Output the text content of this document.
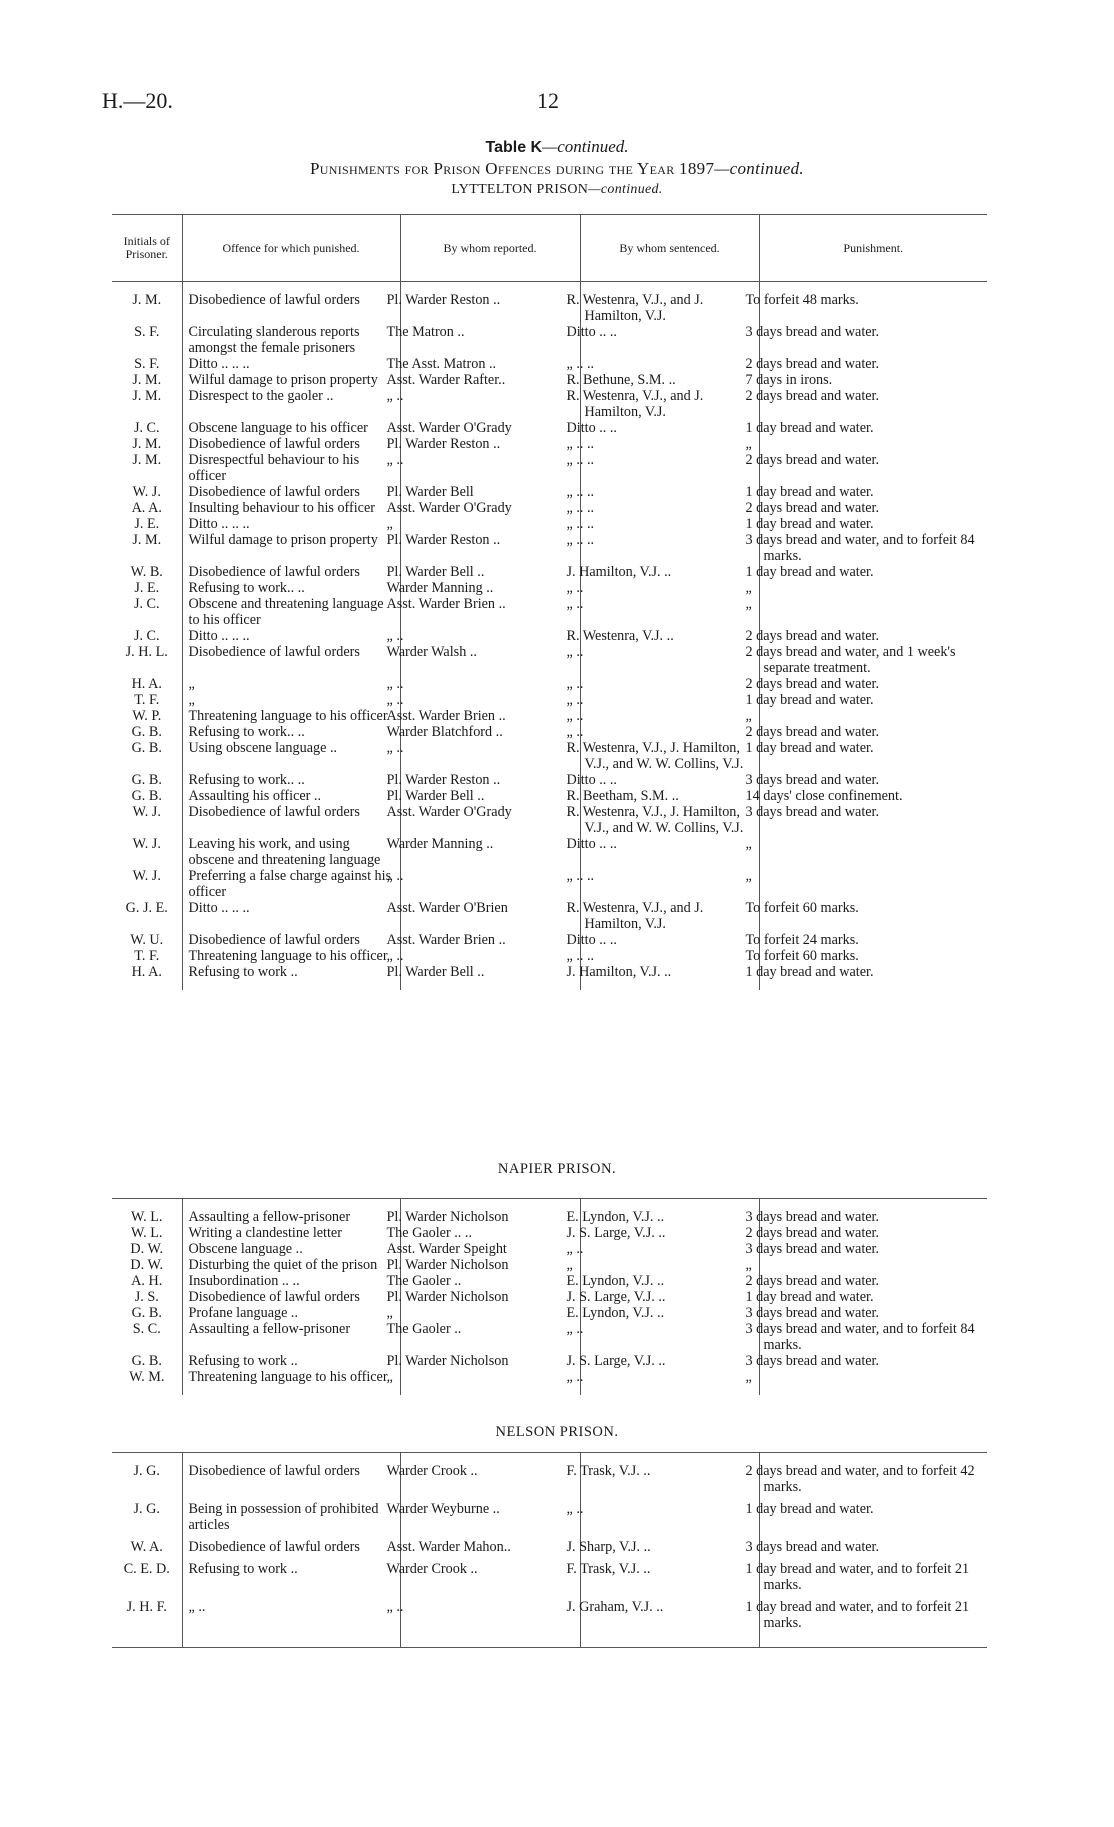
H.—20.	12
Table K—continued.
Punishments for Prison Offences during the Year 1897—continued.
LYTTELTON PRISON—continued.
Initials of Prisoner.	Offence for which punished.	By whom reported.	By whom sentenced.	Punishment.

J. M.	Disobedience of lawful orders	Pl. Warder Reston ..	R. Westenra, V.J., and J. Hamilton, V.J.	To forfeit 48 marks.
S. F.	Circulating slanderous reports amongst the female prisoners	The Matron ..	Ditto .. ..	3 days bread and water.
S. F.	Ditto .. .. ..	The Asst. Matron ..	„ .. ..	2 days bread and water.
J. M.	Wilful damage to prison property	Asst. Warder Rafter..	R. Bethune, S.M. ..	7 days in irons.
J. M.	Disrespect to the gaoler ..	„ ..	R. Westenra, V.J., and J. Hamilton, V.J.	2 days bread and water.
J. C.	Obscene language to his officer	Asst. Warder O'Grady	Ditto .. ..	1 day bread and water.
J. M.	Disobedience of lawful orders	Pl. Warder Reston ..	„ .. ..	„
J. M.	Disrespectful behaviour to his officer	„ ..	„ .. ..	2 days bread and water.
W. J.	Disobedience of lawful orders	Pl. Warder Bell	„ .. ..	1 day bread and water.
A. A.	Insulting behaviour to his officer	Asst. Warder O'Grady	„ .. ..	2 days bread and water.
J. E.	Ditto .. .. ..	„	„ .. ..	1 day bread and water.
J. M.	Wilful damage to prison property	Pl. Warder Reston ..	„ .. ..	3 days bread and water, and to forfeit 84 marks.
W. B.	Disobedience of lawful orders	Pl. Warder Bell ..	J. Hamilton, V.J. ..	1 day bread and water.
J. E.	Refusing to work.. ..	Warder Manning ..	„ ..	„
J. C.	Obscene and threatening language to his officer	Asst. Warder Brien ..	„ ..	„
J. C.	Ditto .. .. ..	„ ..	R. Westenra, V.J. ..	2 days bread and water.
J. H. L.	Disobedience of lawful orders	Warder Walsh ..	„ ..	2 days bread and water, and 1 week's separate treatment.
H. A.	„	„ ..	„ ..	2 days bread and water.
T. F.	„	„ ..	„ ..	1 day bread and water.
W. P.	Threatening language to his officer	Asst. Warder Brien ..	„ ..	„
G. B.	Refusing to work.. ..	Warder Blatchford ..	„ ..	2 days bread and water.
G. B.	Using obscene language ..	„ ..	R. Westenra, V.J., J. Hamilton, V.J., and W. W. Collins, V.J.	1 day bread and water.
G. B.	Refusing to work.. ..	Pl. Warder Reston ..	Ditto .. ..	3 days bread and water.
G. B.	Assaulting his officer ..	Pl. Warder Bell ..	R. Beetham, S.M. ..	14 days' close confinement.
W. J.	Disobedience of lawful orders	Asst. Warder O'Grady	R. Westenra, V.J., J. Hamilton, V.J., and W. W. Collins, V.J.	3 days bread and water.
W. J.	Leaving his work, and using obscene and threatening language	Warder Manning ..	Ditto .. ..	„
W. J.	Preferring a false charge against his officer	„ ..	„ .. ..	„
G. J. E.	Ditto .. .. ..	Asst. Warder O'Brien	R. Westenra, V.J., and J. Hamilton, V.J.	To forfeit 60 marks.
W. U.	Disobedience of lawful orders	Asst. Warder Brien ..	Ditto .. ..	To forfeit 24 marks.
T. F.	Threatening language to his officer	„ ..	„ .. ..	To forfeit 60 marks.
H. A.	Refusing to work ..	Pl. Warder Bell ..	J. Hamilton, V.J. ..	1 day bread and water.

NAPIER PRISON.

W. L.	Assaulting a fellow-prisoner	Pl. Warder Nicholson	E. Lyndon, V.J. ..	3 days bread and water.
W. L.	Writing a clandestine letter	The Gaoler .. ..	J. S. Large, V.J. ..	2 days bread and water.
D. W.	Obscene language ..	Asst. Warder Speight	„ ..	3 days bread and water.
D. W.	Disturbing the quiet of the prison	Pl. Warder Nicholson	„	„
A. H.	Insubordination .. ..	The Gaoler ..	E. Lyndon, V.J. ..	2 days bread and water.
J. S.	Disobedience of lawful orders	Pl. Warder Nicholson	J. S. Large, V.J. ..	1 day bread and water.
G. B.	Profane language ..	„	E. Lyndon, V.J. ..	3 days bread and water.
S. C.	Assaulting a fellow-prisoner	The Gaoler ..	„ ..	3 days bread and water, and to forfeit 84 marks.
G. B.	Refusing to work ..	Pl. Warder Nicholson	J. S. Large, V.J. ..	3 days bread and water.
W. M.	Threatening language to his officer	„	„ ..	„

NELSON PRISON.

J. G.	Disobedience of lawful orders	Warder Crook ..	F. Trask, V.J. ..	2 days bread and water, and to forfeit 42 marks.
J. G.	Being in possession of prohibited articles	Warder Weyburne ..	„ ..	1 day bread and water.
W. A.	Disobedience of lawful orders	Asst. Warder Mahon..	J. Sharp, V.J. ..	3 days bread and water.
C. E. D.	Refusing to work ..	Warder Crook ..	F. Trask, V.J. ..	1 day bread and water, and to forfeit 21 marks.
J. H. F.	„ ..	„ ..	J. Graham, V.J. ..	1 day bread and water, and to forfeit 21 marks.
